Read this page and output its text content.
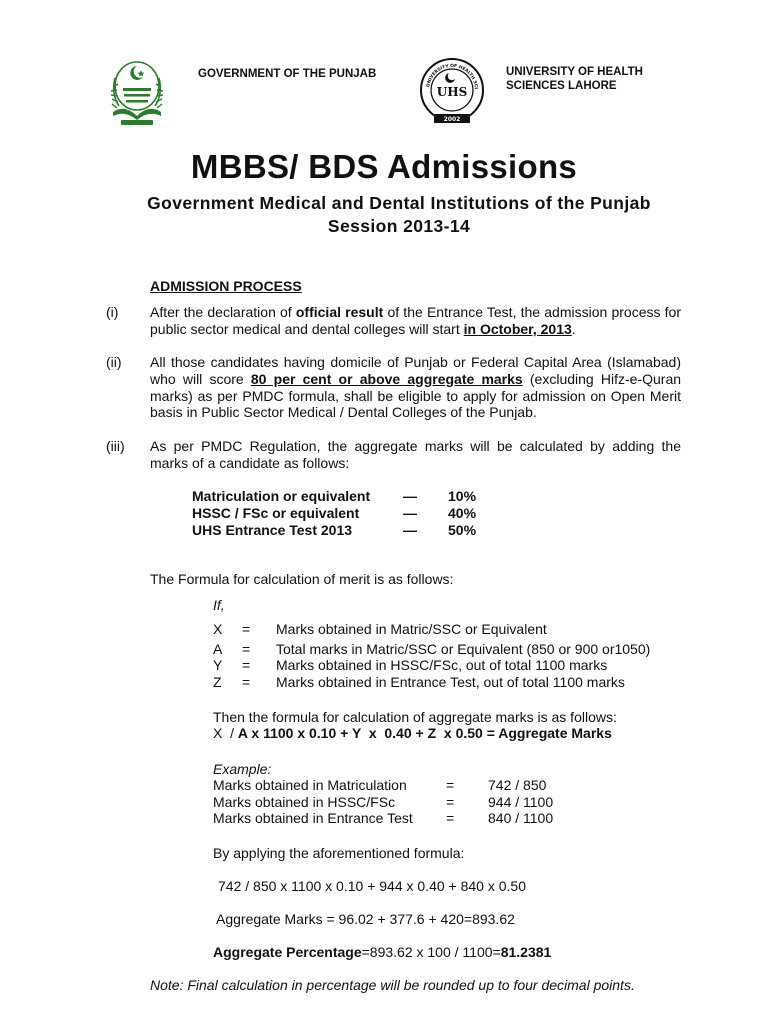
GOVERNMENT OF THE PUNJAB
UNIVERSITY OF HEALTH SCI
UHS
2002
UNIVERSITY OF HEALTH
SCIENCES LAHORE
MBBS/ BDS Admissions
Government Medical and Dental Institutions of the Punjab
Session 2013-14
ADMISSION PROCESS
(i) After the declaration of official result of the Entrance Test, the admission process for public sector medical and dental colleges will start in October, 2013.
(ii) All those candidates having domicile of Punjab or Federal Capital Area (Islamabad) who will score 80 per cent or above aggregate marks (excluding Hifz-e-Quran marks) as per PMDC formula, shall be eligible to apply for admission on Open Merit basis in Public Sector Medical / Dental Colleges of the Punjab.
(iii) As per PMDC Regulation, the aggregate marks will be calculated by adding the marks of a candidate as follows:
Matriculation or equivalent — 10%
HSSC / FSc or equivalent	— 40%
UHS Entrance Test 2013	— 50%
The Formula for calculation of merit is as follows:
If,
X = Marks obtained in Matric/SSC or Equivalent
A = Total marks in Matric/SSC or Equivalent (850 or 900 or1050)
Y = Marks obtained in HSSC/FSc, out of total 1100 marks
Z = Marks obtained in Entrance Test, out of total 1100 marks
Then the formula for calculation of aggregate marks is as follows:
X  / A x 1100 x 0.10 + Y  x  0.40 + Z  x 0.50 = Aggregate Marks
Example:
Marks obtained in Matriculation	= 742 / 850
Marks obtained in HSSC/FSc	= 944 / 1100
Marks obtained in Entrance Test = 840 / 1100
By applying the aforementioned formula:
742 / 850 x 1100 x 0.10 + 944 x 0.40 + 840 x 0.50
Aggregate Marks = 96.02 + 377.6 + 420=893.62
Aggregate Percentage=893.62 x 100 / 1100=81.2381
Note: Final calculation in percentage will be rounded up to four decimal points.
